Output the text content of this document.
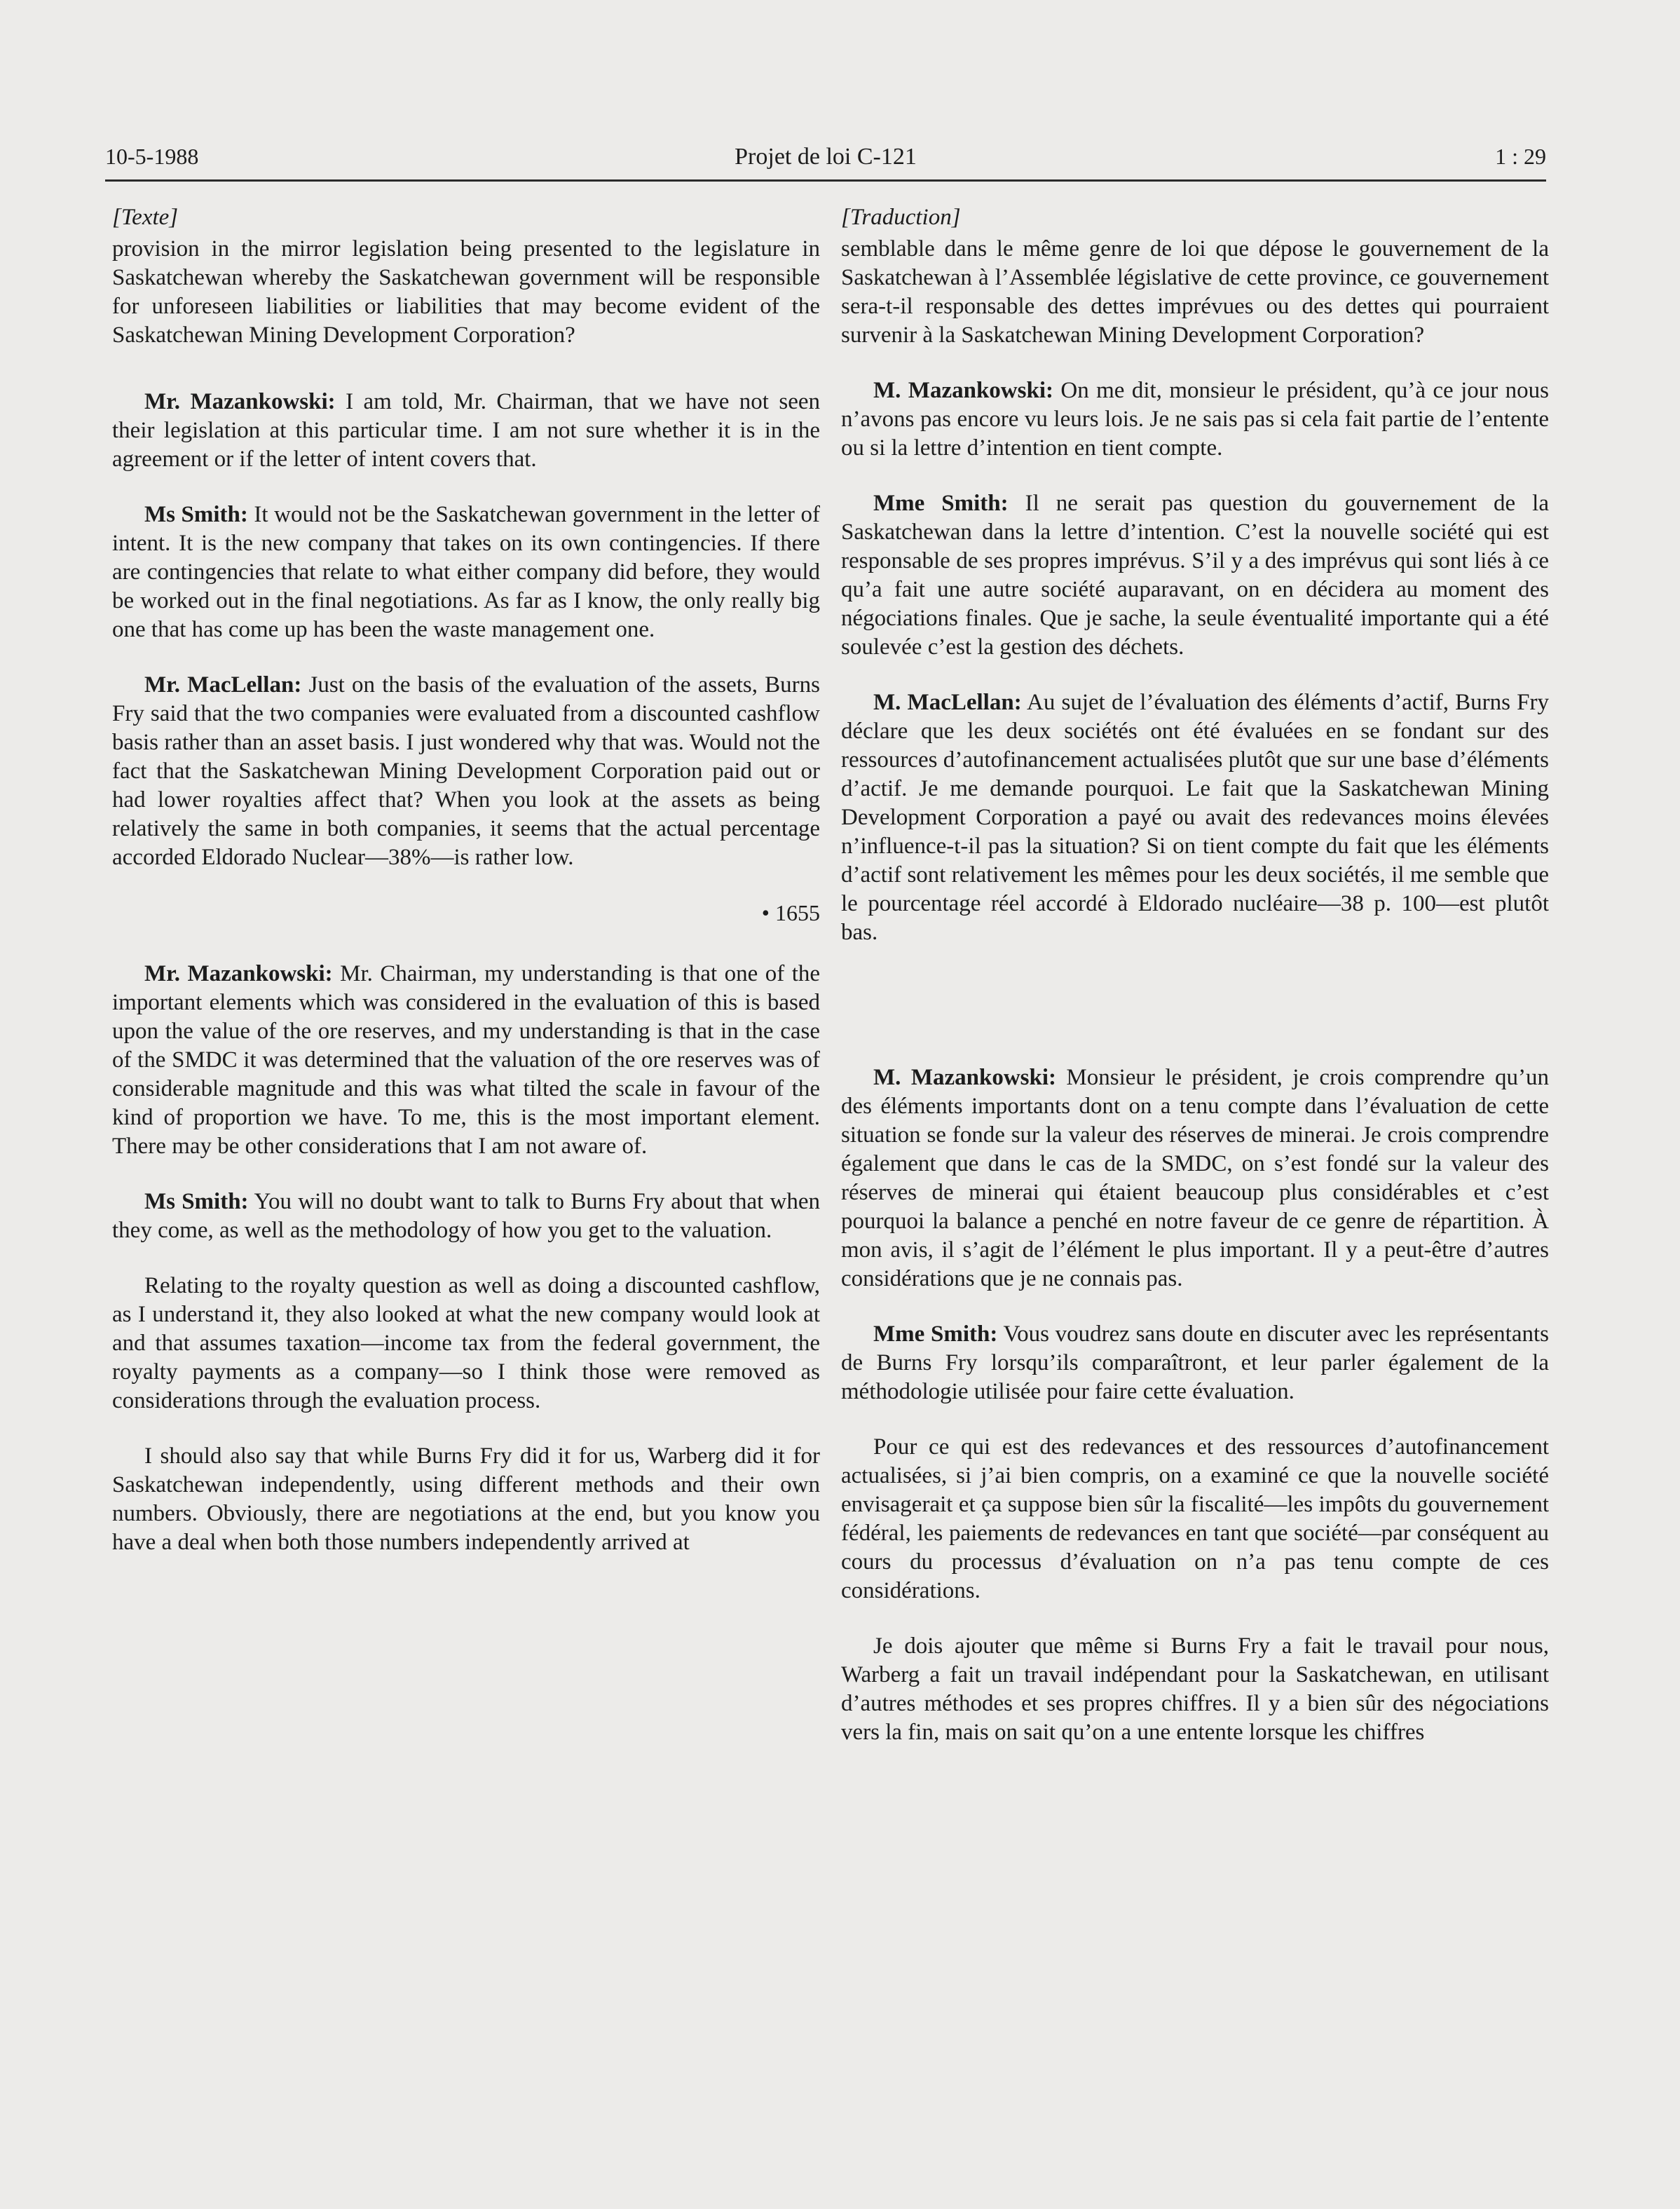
10-5-1988	Projet de loi C-121	1 : 29
[Texte]

provision in the mirror legislation being presented to the legislature in Saskatchewan whereby the Saskatchewan government will be responsible for unforeseen liabilities or liabilities that may become evident of the Saskatchewan Mining Development Corporation?

Mr. Mazankowski: I am told, Mr. Chairman, that we have not seen their legislation at this particular time. I am not sure whether it is in the agreement or if the letter of intent covers that.

Ms Smith: It would not be the Saskatchewan government in the letter of intent. It is the new company that takes on its own contingencies. If there are contingencies that relate to what either company did before, they would be worked out in the final negotiations. As far as I know, the only really big one that has come up has been the waste management one.

Mr. MacLellan: Just on the basis of the evaluation of the assets, Burns Fry said that the two companies were evaluated from a discounted cashflow basis rather than an asset basis. I just wondered why that was. Would not the fact that the Saskatchewan Mining Development Corporation paid out or had lower royalties affect that? When you look at the assets as being relatively the same in both companies, it seems that the actual percentage accorded Eldorado Nuclear—38%—is rather low.

• 1655

Mr. Mazankowski: Mr. Chairman, my understanding is that one of the important elements which was considered in the evaluation of this is based upon the value of the ore reserves, and my understanding is that in the case of the SMDC it was determined that the valuation of the ore reserves was of considerable magnitude and this was what tilted the scale in favour of the kind of proportion we have. To me, this is the most important element. There may be other considerations that I am not aware of.

Ms Smith: You will no doubt want to talk to Burns Fry about that when they come, as well as the methodology of how you get to the valuation.

Relating to the royalty question as well as doing a discounted cashflow, as I understand it, they also looked at what the new company would look at and that assumes taxation—income tax from the federal government, the royalty payments as a company—so I think those were removed as considerations through the evaluation process.

I should also say that while Burns Fry did it for us, Warberg did it for Saskatchewan independently, using different methods and their own numbers. Obviously, there are negotiations at the end, but you know you have a deal when both those numbers independently arrived at

[Traduction]

semblable dans le même genre de loi que dépose le gouvernement de la Saskatchewan à l’Assemblée législative de cette province, ce gouvernement sera-t-il responsable des dettes imprévues ou des dettes qui pourraient survenir à la Saskatchewan Mining Development Corporation?

M. Mazankowski: On me dit, monsieur le président, qu’à ce jour nous n’avons pas encore vu leurs lois. Je ne sais pas si cela fait partie de l’entente ou si la lettre d’intention en tient compte.

Mme Smith: Il ne serait pas question du gouvernement de la Saskatchewan dans la lettre d’intention. C’est la nouvelle société qui est responsable de ses propres imprévus. S’il y a des imprévus qui sont liés à ce qu’a fait une autre société auparavant, on en décidera au moment des négociations finales. Que je sache, la seule éventualité importante qui a été soulevée c’est la gestion des déchets.

M. MacLellan: Au sujet de l’évaluation des éléments d’actif, Burns Fry déclare que les deux sociétés ont été évaluées en se fondant sur des ressources d’autofinancement actualisées plutôt que sur une base d’éléments d’actif. Je me demande pourquoi. Le fait que la Saskatchewan Mining Development Corporation a payé ou avait des redevances moins élevées n’influence-t-il pas la situation? Si on tient compte du fait que les éléments d’actif sont relativement les mêmes pour les deux sociétés, il me semble que le pourcentage réel accordé à Eldorado nucléaire—38 p. 100—est plutôt bas.

M. Mazankowski: Monsieur le président, je crois comprendre qu’un des éléments importants dont on a tenu compte dans l’évaluation de cette situation se fonde sur la valeur des réserves de minerai. Je crois comprendre également que dans le cas de la SMDC, on s’est fondé sur la valeur des réserves de minerai qui étaient beaucoup plus considérables et c’est pourquoi la balance a penché en notre faveur de ce genre de répartition. À mon avis, il s’agit de l’élément le plus important. Il y a peut-être d’autres considérations que je ne connais pas.

Mme Smith: Vous voudrez sans doute en discuter avec les représentants de Burns Fry lorsqu’ils comparaîtront, et leur parler également de la méthodologie utilisée pour faire cette évaluation.

Pour ce qui est des redevances et des ressources d’autofinancement actualisées, si j’ai bien compris, on a examiné ce que la nouvelle société envisagerait et ça suppose bien sûr la fiscalité—les impôts du gouvernement fédéral, les paiements de redevances en tant que société—par conséquent au cours du processus d’évaluation on n’a pas tenu compte de ces considérations.

Je dois ajouter que même si Burns Fry a fait le travail pour nous, Warberg a fait un travail indépendant pour la Saskatchewan, en utilisant d’autres méthodes et ses propres chiffres. Il y a bien sûr des négociations vers la fin, mais on sait qu’on a une entente lorsque les chiffres
